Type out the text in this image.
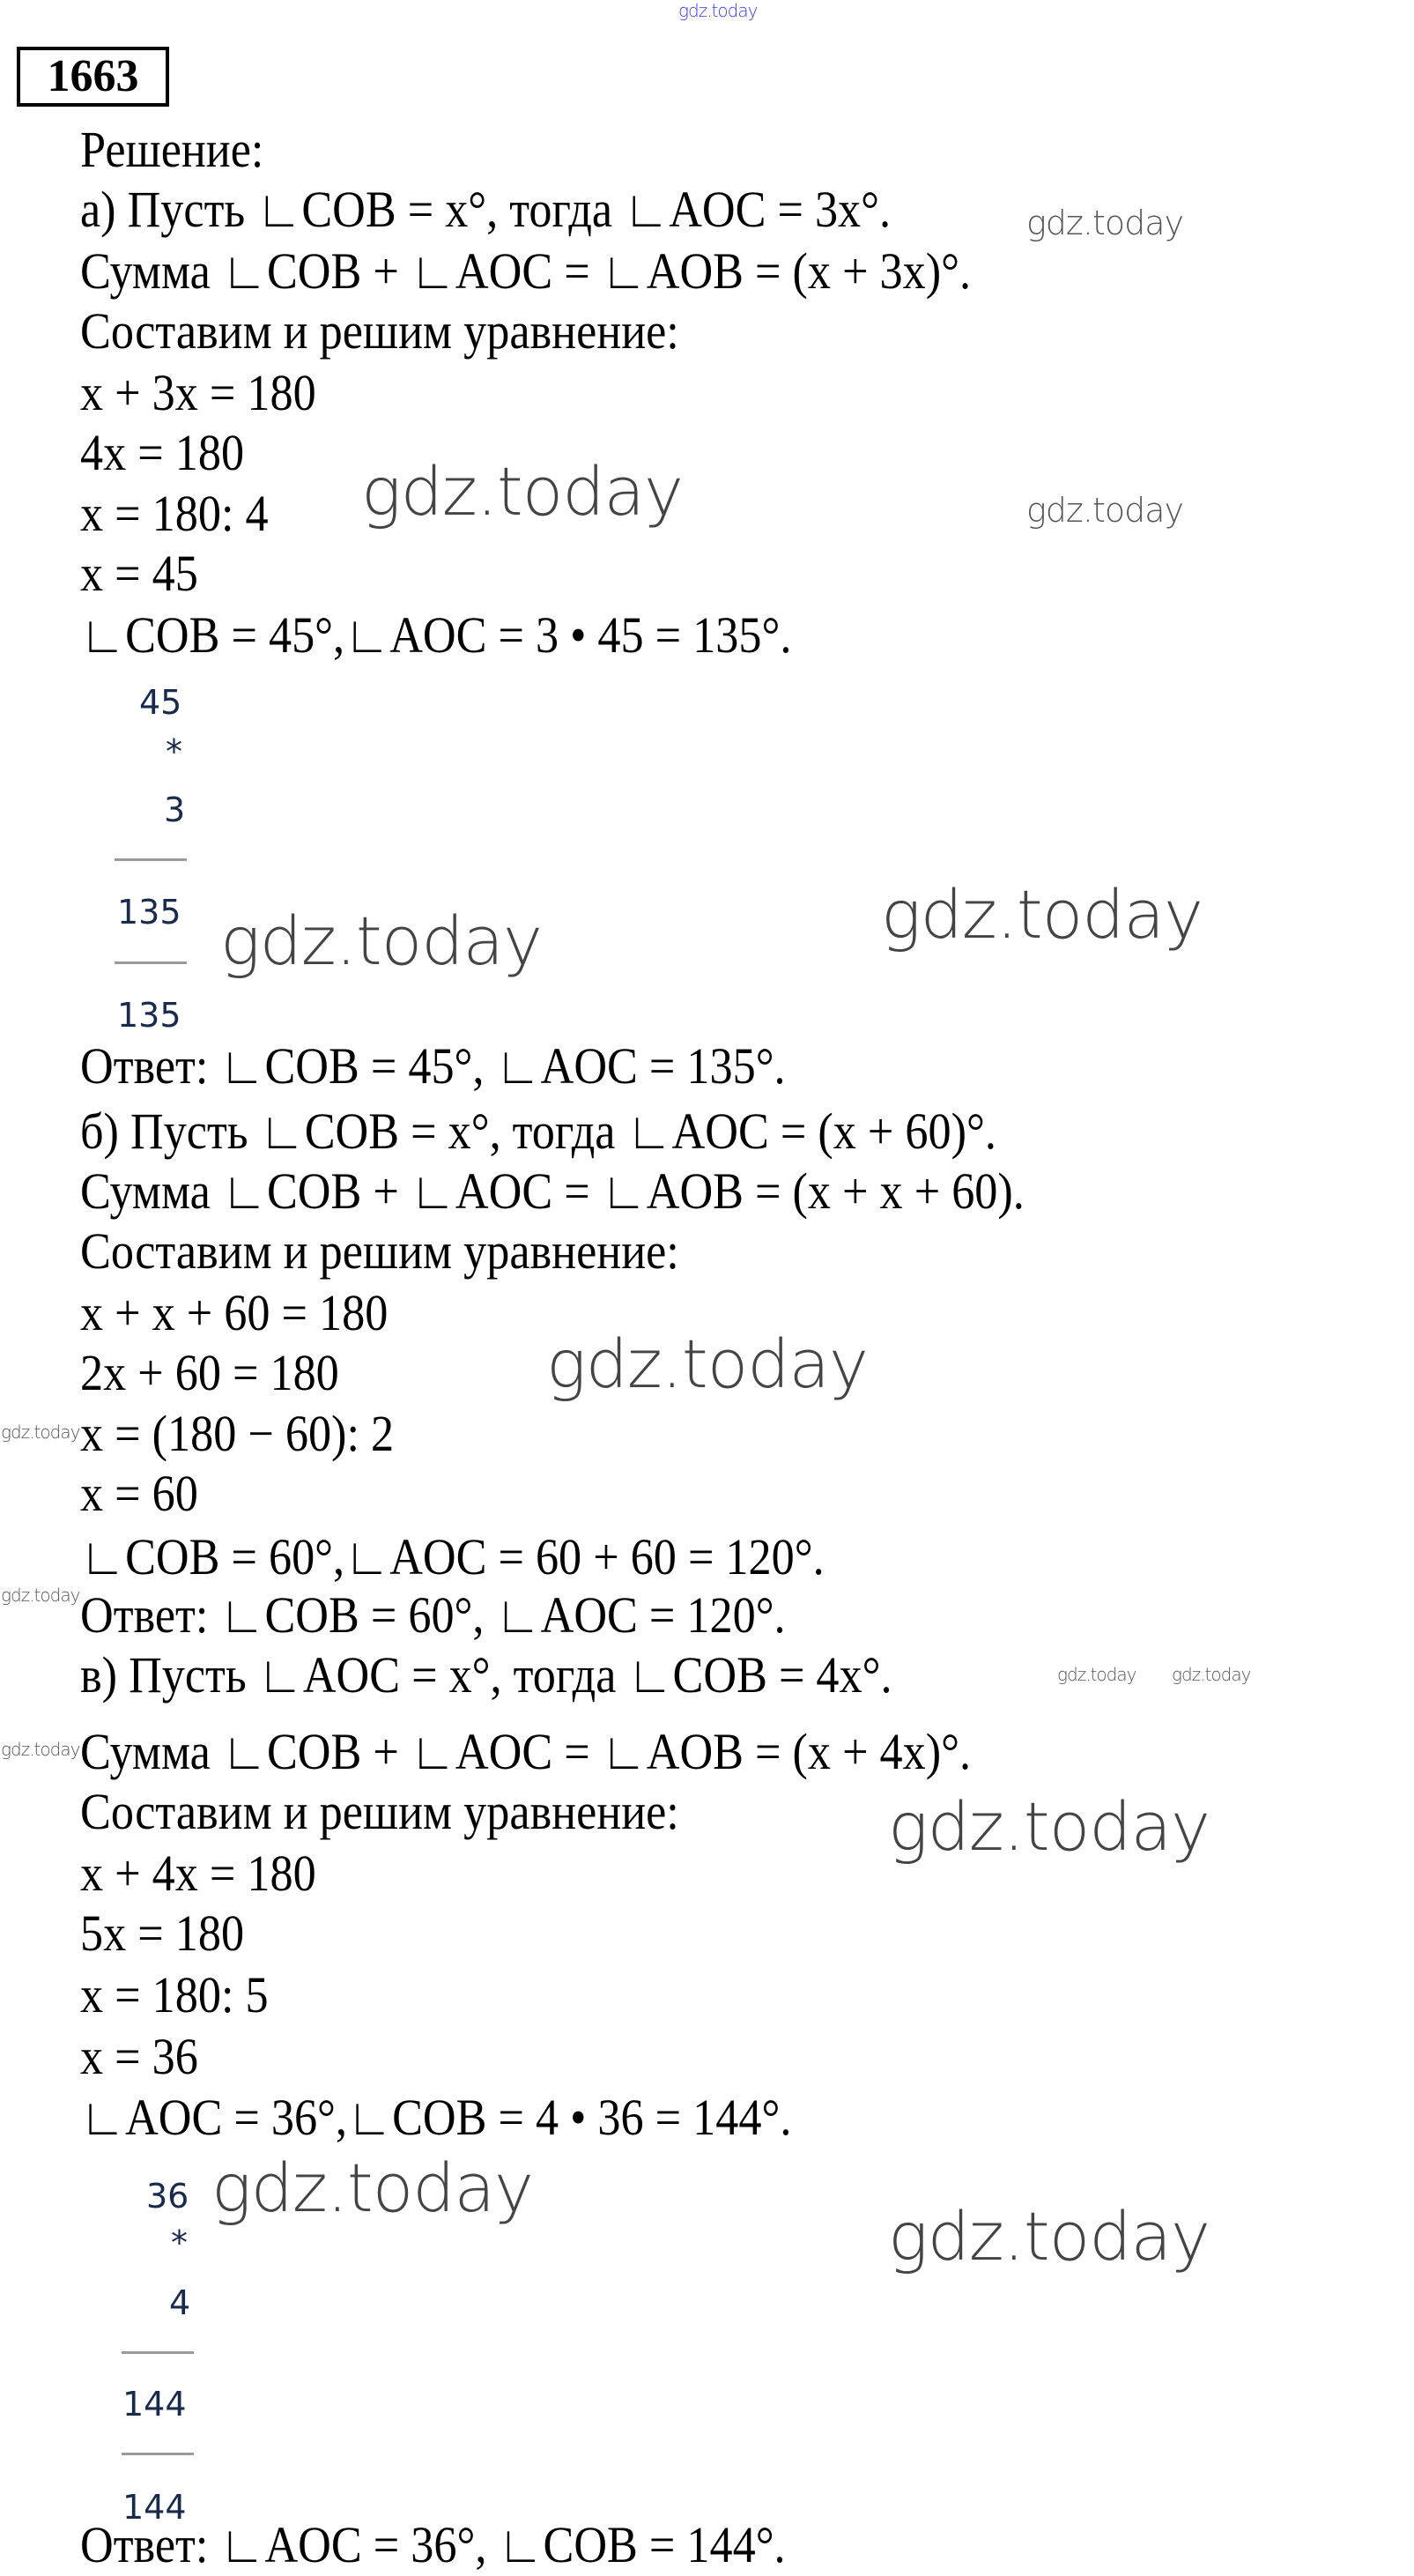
gdz.today
1663
Решение:
а) Пусть ∟COB = x°, тогда ∟AOC = 3x°.
Сумма ∟COB + ∟AOC = ∟AOB = (x + 3x)°.
Составим и решим уравнение:
x + 3x = 180
4x = 180
x = 180: 4
x = 45
∟COB = 45°,∟AOC = 3 • 45 = 135°.
45
*
3
135
135
Ответ: ∟COB = 45°, ∟AOC = 135°.
б) Пусть ∟COB = x°, тогда ∟AOC = (x + 60)°.
Сумма ∟COB + ∟AOC = ∟AOB = (x + x + 60).
Составим и решим уравнение:
x + x + 60 = 180
2x + 60 = 180
x = (180 − 60): 2
x = 60
∟COB = 60°,∟AOC = 60 + 60 = 120°.
Ответ: ∟COB = 60°, ∟AOC = 120°.
в) Пусть ∟AOC = x°, тогда ∟COB = 4x°.
Сумма ∟COB + ∟AOC = ∟AOB = (x + 4x)°.
Составим и решим уравнение:
x + 4x = 180
5x = 180
x = 180: 5
x = 36
∟AOC = 36°,∟COB = 4 • 36 = 144°.
36
*
4
144
144
Ответ: ∟AOC = 36°, ∟COB = 144°.
gdz.today
gdz.today
gdz.today
gdz.today
gdz.today
gdz.today
gdz.today
gdz.today
gdz.today
gdz.today gdz.today
gdz.today
gdz.today
gdz.today
